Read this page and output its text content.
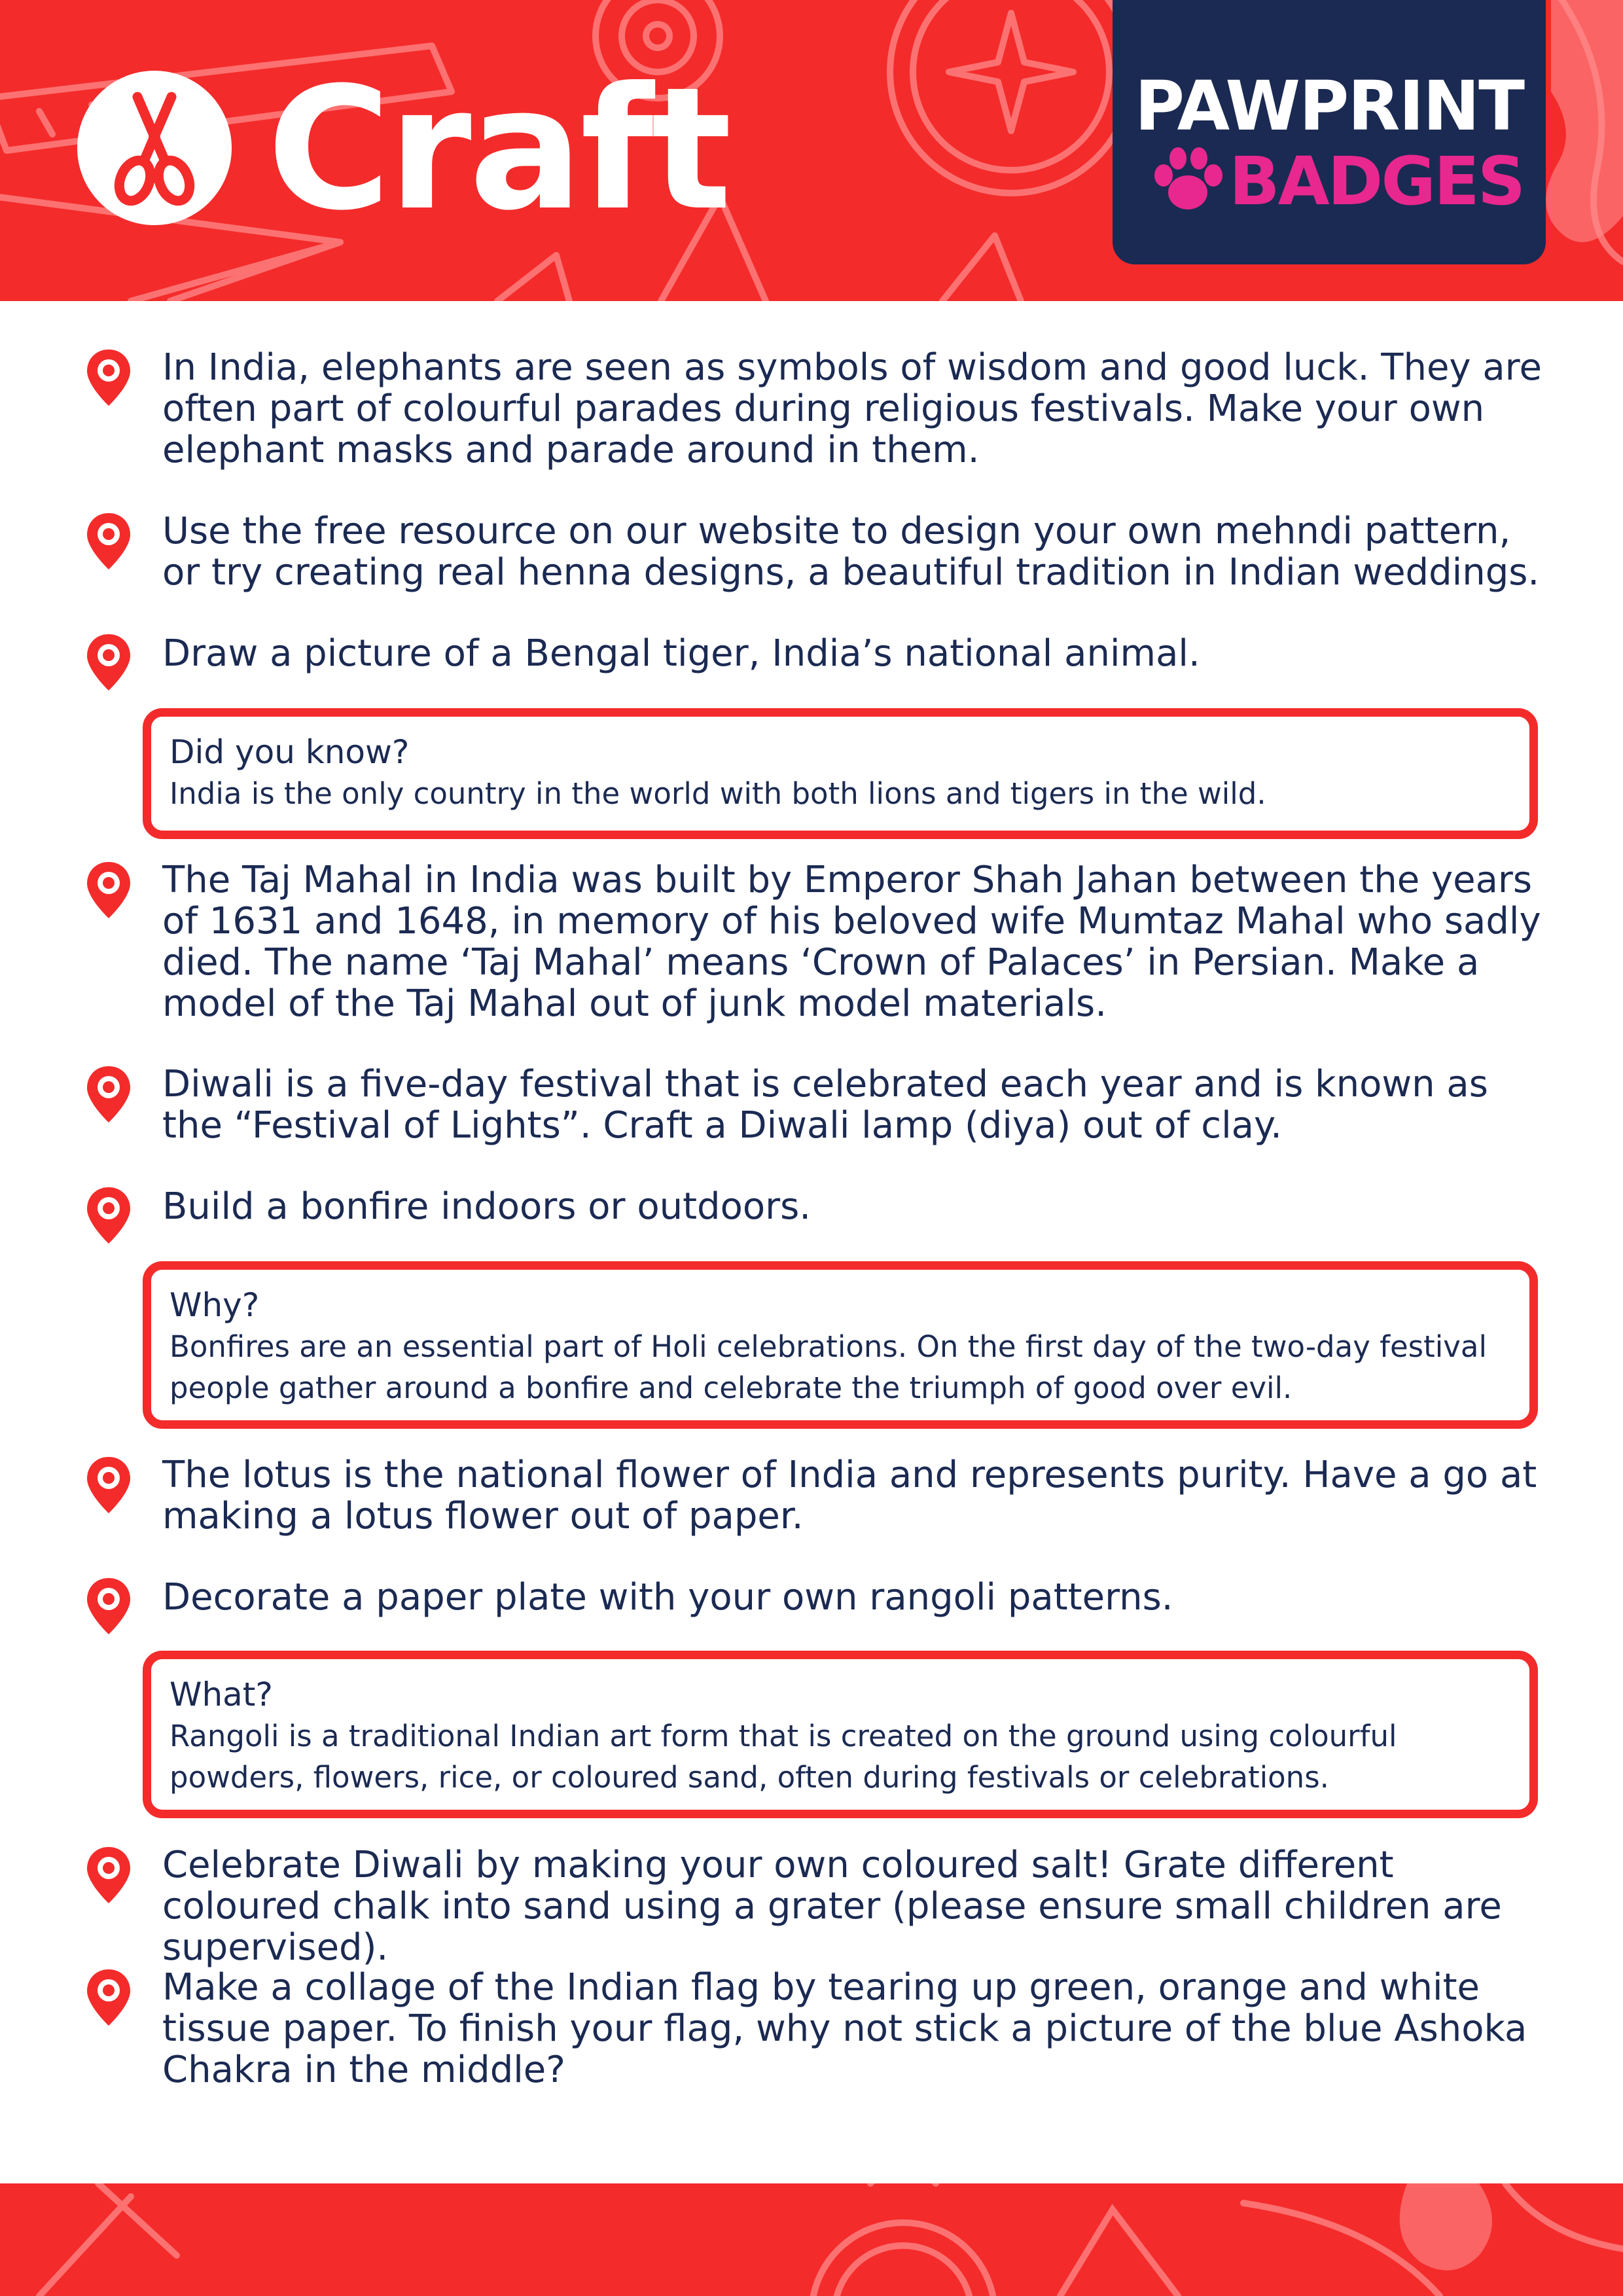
Craft	PAWPRINT
BADGES

In India, elephants are seen as symbols of wisdom and good luck. They are often part of colourful parades during religious festivals. Make your own elephant masks and parade around in them.

Use the free resource on our website to design your own mehndi pattern, or try creating real henna designs, a beautiful tradition in Indian weddings.

Draw a picture of a Bengal tiger, India’s national animal.

Did you know?
India is the only country in the world with both lions and tigers in the wild.

The Taj Mahal in India was built by Emperor Shah Jahan between the years of 1631 and 1648, in memory of his beloved wife Mumtaz Mahal who sadly died. The name ‘Taj Mahal’ means ‘Crown of Palaces’ in Persian. Make a model of the Taj Mahal out of junk model materials.

Diwali is a five-day festival that is celebrated each year and is known as the “Festival of Lights”. Craft a Diwali lamp (diya) out of clay.

Build a bonfire indoors or outdoors.

Why?
Bonfires are an essential part of Holi celebrations. On the first day of the two-day festival people gather around a bonfire and celebrate the triumph of good over evil.

The lotus is the national flower of India and represents purity. Have a go at making a lotus flower out of paper.

Decorate a paper plate with your own rangoli patterns.

What?
Rangoli is a traditional Indian art form that is created on the ground using colourful powders, flowers, rice, or coloured sand, often during festivals or celebrations.

Celebrate Diwali by making your own coloured salt! Grate different coloured chalk into sand using a grater (please ensure small children are supervised).

Make a collage of the Indian flag by tearing up green, orange and white tissue paper. To finish your flag, why not stick a picture of the blue Ashoka Chakra in the middle?
